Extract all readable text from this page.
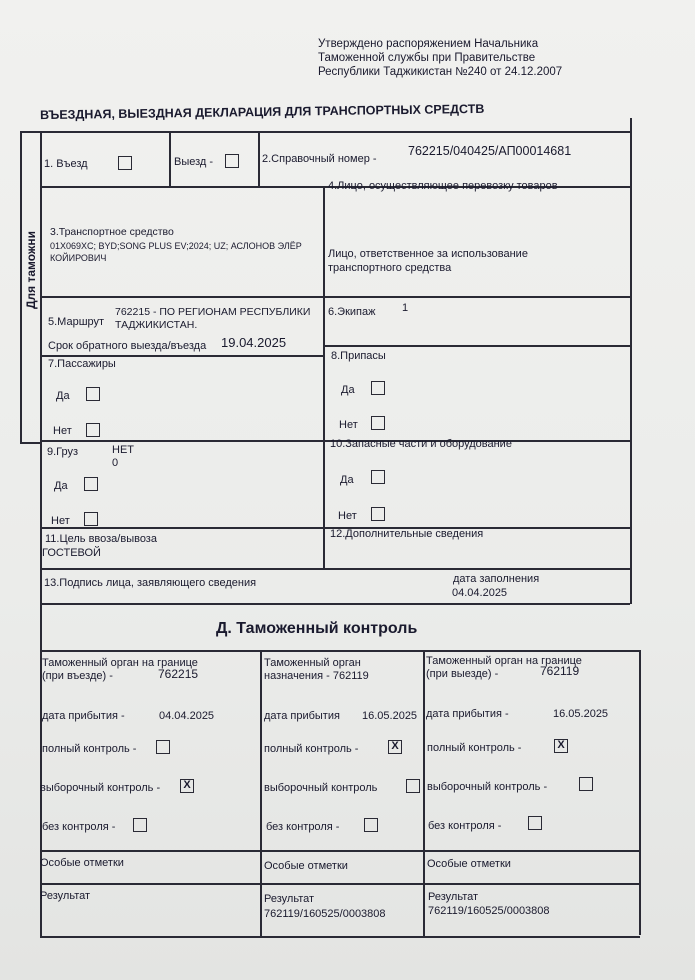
Утверждено распоряжением Начальника
Таможенной службы при Правительстве
Республики Таджикистан №240 от 24.12.2007
ВЪЕЗДНАЯ, ВЫЕЗДНАЯ ДЕКЛАРАЦИЯ ДЛЯ ТРАНСПОРТНЫХ СРЕДСТВ
Для таможни
1. Въезд	Выезд -	2.Справочный номер -
762215/040425/АП00014681
3.Транспортное средство
01X069XC; BYD;SONG PLUS EV;2024; UZ; АСЛОНОВ ЭЛЁР
КОЙИРОВИЧ
4.Лицо, осуществляющее перевозку товаров
Лицо, ответственное за использование
транспортного средства
5.Маршрут
762215 - ПО РЕГИОНАМ РЕСПУБЛИКИ
ТАДЖИКИСТАН.
Срок обратного выезда/въезда 19.04.2025
6.Экипаж 1
7.Пассажиры
Да
Нет
8.Припасы
Да
Нет
9.Груз	НЕТ
0
Да
Нет
10.Запасные части и оборудование
Да
Нет
11.Цель ввоза/вывоза
ГОСТЕВОЙ
12.Дополнительные сведения
13.Подпись лица, заявляющего сведения	дата заполнения
04.04.2025
Д. Таможенный контроль
Таможенный орган на границе
(при въезде) -	762215
дата прибытия -	04.04.2025
полный контроль -
выборочный контроль -	X
без контроля -
Особые отметки
Результат
Таможенный орган
назначения - 762119
дата прибытия 16.05.2025
полный контроль -	X
выборочный контроль
без контроля -
Особые отметки
Результат
762119/160525/0003808
Таможенный орган на границе
(при выезде) -	762119
дата прибытия -	16.05.2025
полный контроль -	X
выборочный контроль -
без контроля -
Особые отметки
Результат
762119/160525/0003808
